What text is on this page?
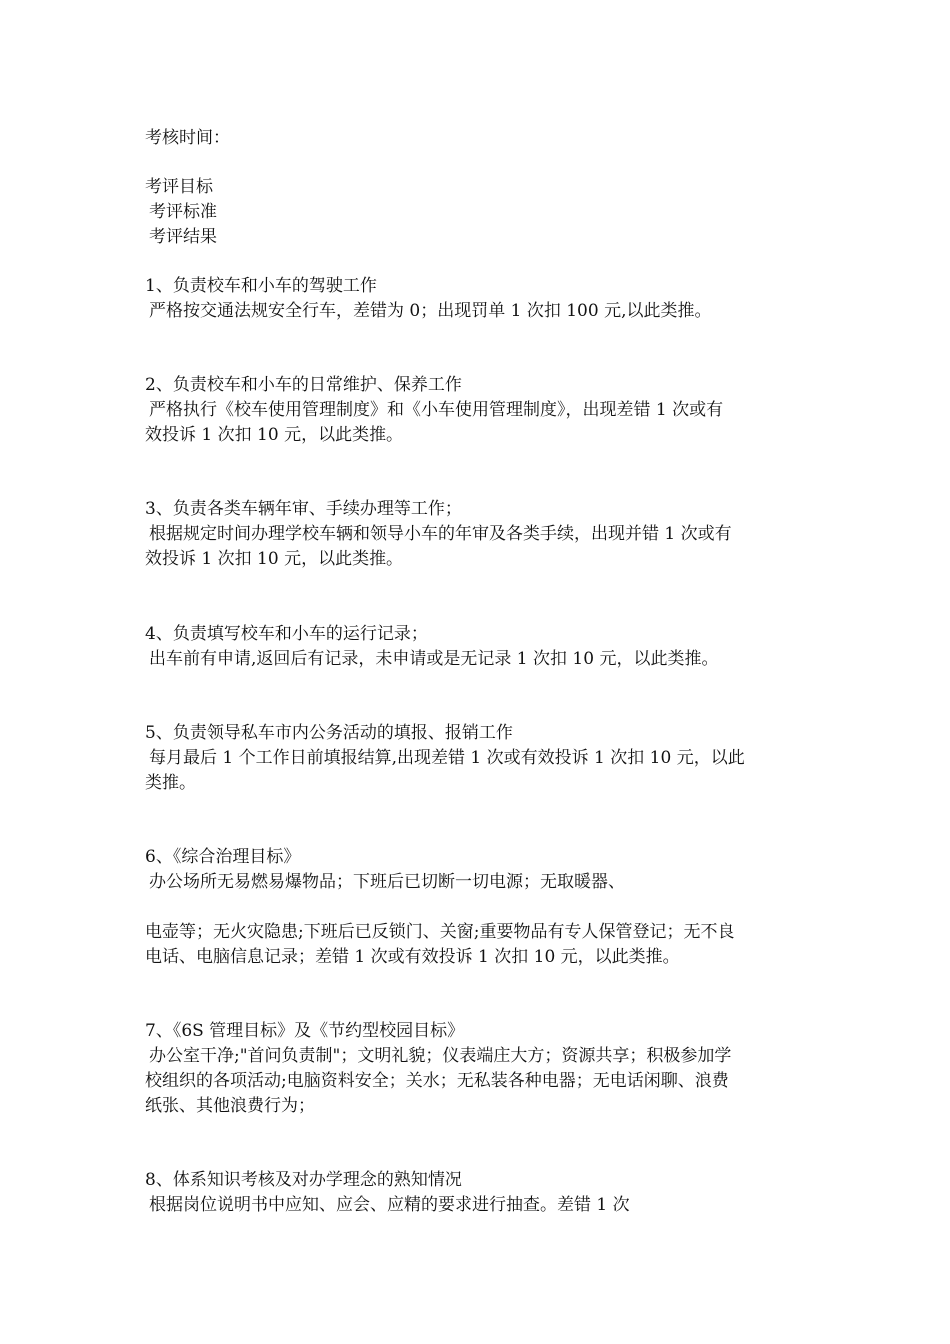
考核时间：
考评目标
考评标准
考评结果
1、负责校车和小车的驾驶工作
严格按交通法规安全行车，差错为 0；出现罚单 1 次扣 100 元,以此类推。
2、负责校车和小车的日常维护、保养工作
严格执行《校车使用管理制度》和《小车使用管理制度》，出现差错 1 次或有
效投诉 1 次扣 10 元，以此类推。
3、负责各类车辆年审、手续办理等工作；
根据规定时间办理学校车辆和领导小车的年审及各类手续，出现并错 1 次或有
效投诉 1 次扣 10 元，以此类推。
4、负责填写校车和小车的运行记录；
出车前有申请,返回后有记录，未申请或是无记录 1 次扣 10 元，以此类推。
5、负责领导私车市内公务活动的填报、报销工作
每月最后 1 个工作日前填报结算,出现差错 1 次或有效投诉 1 次扣 10 元，以此
类推。
6、《综合治理目标》
办公场所无易燃易爆物品；下班后已切断一切电源；无取暖器、
电壶等；无火灾隐患;下班后已反锁门、关窗;重要物品有专人保管登记；无不良
电话、电脑信息记录；差错 1 次或有效投诉 1 次扣 10 元，以此类推。
7、《6S 管理目标》及《节约型校园目标》
办公室干净;"首问负责制"；文明礼貌；仪表端庄大方；资源共享；积极参加学
校组织的各项活动;电脑资料安全；关水；无私装各种电器；无电话闲聊、浪费
纸张、其他浪费行为；
8、体系知识考核及对办学理念的熟知情况
根据岗位说明书中应知、应会、应精的要求进行抽查。差错 1 次
